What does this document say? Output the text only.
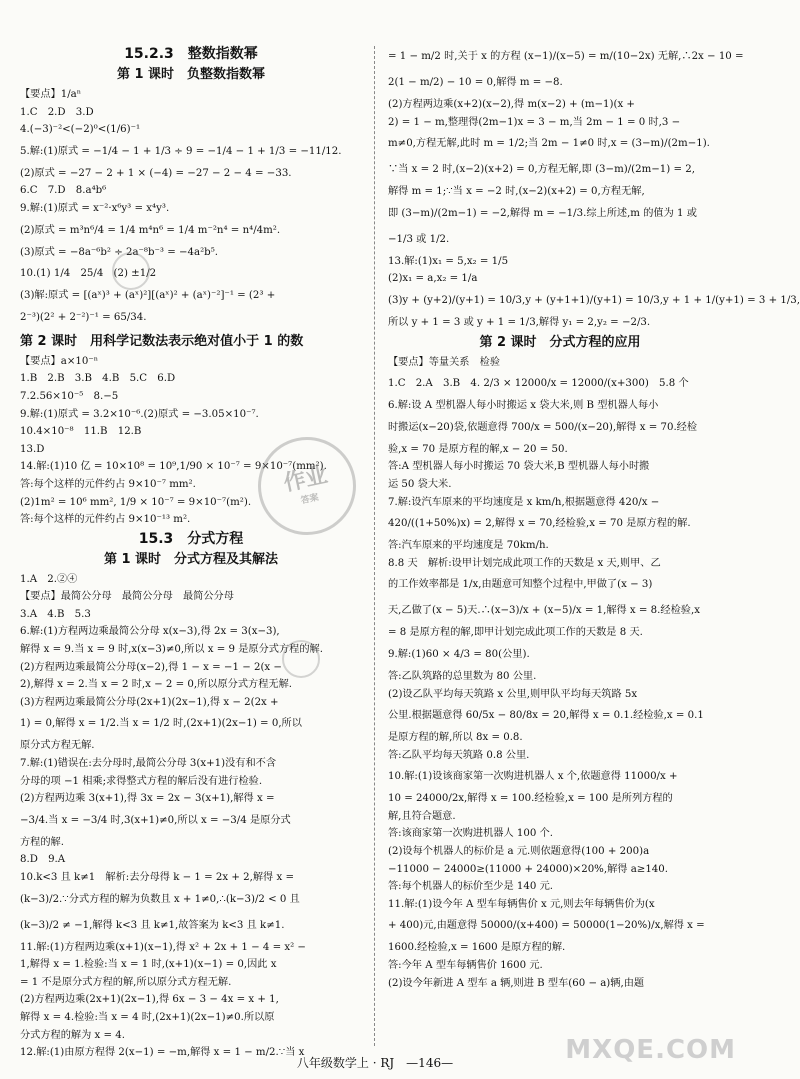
15.2.3　整数指数幂
第 1 课时　负整数指数幂
【要点】1/aⁿ
1.C　2.D　3.D
4.(−3)⁻²<(−2)⁰<(1/6)⁻¹
5.解:(1)原式 = −1/4 − 1 + 1/3 ÷ 9 = −1/4 − 1 + 1/3 = −11/12.
(2)原式 = −27 − 2 + 1 × (−4) = −27 − 2 − 4 = −33.
6.C　7.D　8.a⁴b⁶
9.解:(1)原式 = x⁻²·x⁶y³ = x⁴y³.
(2)原式 = m³n⁶/4 = 1/4 m⁴n⁶ = 1/4 m⁻²n⁴ = n⁴/4m².
(3)原式 = −8a⁻⁶b² ÷ 2a⁻⁸b⁻³ = −4a²b⁵.
10.(1) 1/4　25/4　(2) ±1/2
(3)解:原式 = [(aˣ)³ + (aˣ)²][(aˣ)² + (aˣ)⁻²]⁻¹ = (2³ +
2⁻³)(2² + 2⁻²)⁻¹ = 65/34.
第 2 课时　用科学记数法表示绝对值小于 1 的数
【要点】a×10⁻ⁿ
1.B　2.B　3.B　4.B　5.C　6.D
7.2.56×10⁻⁵　8.−5
9.解:(1)原式 = 3.2×10⁻⁶.(2)原式 = −3.05×10⁻⁷.
10.4×10⁻⁸　11.B　12.B
13.D
14.解:(1)10 亿 = 10×10⁸ = 10⁹,1/90 × 10⁻⁷ = 9×10⁻⁷(mm²).
答:每个这样的元件约占 9×10⁻⁷ mm².
(2)1m² = 10⁶ mm², 1/9 × 10⁻⁷ = 9×10⁻⁷(m²).
答:每个这样的元件约占 9×10⁻¹³ m².
15.3　分式方程
第 1 课时　分式方程及其解法
1.A　2.②④
【要点】最简公分母　最简公分母　最简公分母
3.A　4.B　5.3
6.解:(1)方程两边乘最简公分母 x(x−3),得 2x = 3(x−3),
解得 x = 9.当 x = 9 时,x(x−3)≠0,所以 x = 9 是原分式方程的解.
(2)方程两边乘最简公分母(x−2),得 1 − x = −1 − 2(x −
2),解得 x = 2.当 x = 2 时,x − 2 = 0,所以原分式方程无解.
(3)方程两边乘最简公分母(2x+1)(2x−1),得 x − 2(2x +
1) = 0,解得 x = 1/2.当 x = 1/2 时,(2x+1)(2x−1) = 0,所以
原分式方程无解.
7.解:(1)错误在:去分母时,最简公分母 3(x+1)没有和不含
分母的项 −1 相乘;求得整式方程的解后没有进行检验.
(2)方程两边乘 3(x+1),得 3x = 2x − 3(x+1),解得 x =
−3/4.当 x = −3/4 时,3(x+1)≠0,所以 x = −3/4 是原分式
方程的解.
8.D　9.A
10.k<3 且 k≠1　解析:去分母得 k − 1 = 2x + 2,解得 x =
(k−3)/2.∵分式方程的解为负数且 x + 1≠0,∴(k−3)/2 < 0 且
(k−3)/2 ≠ −1,解得 k<3 且 k≠1,故答案为 k<3 且 k≠1.
11.解:(1)方程两边乘(x+1)(x−1),得 x² + 2x + 1 − 4 = x² −
1,解得 x = 1.检验:当 x = 1 时,(x+1)(x−1) = 0,因此 x
= 1 不是原分式方程的解,所以原分式方程无解.
(2)方程两边乘(2x+1)(2x−1),得 6x − 3 − 4x = x + 1,
解得 x = 4.检验:当 x = 4 时,(2x+1)(2x−1)≠0.所以原
分式方程的解为 x = 4.
12.解:(1)由原方程得 2(x−1) = −m,解得 x = 1 − m/2.∵当 x
= 1 − m/2 时,关于 x 的方程 (x−1)/(x−5) = m/(10−2x) 无解,∴2x − 10 =
2(1 − m/2) − 10 = 0,解得 m = −8.
(2)方程两边乘(x+2)(x−2),得 m(x−2) + (m−1)(x +
2) = 1 − m,整理得(2m−1)x = 3 − m,当 2m − 1 = 0 时,3 −
m≠0,方程无解,此时 m = 1/2;当 2m − 1≠0 时,x = (3−m)/(2m−1).
∵当 x = 2 时,(x−2)(x+2) = 0,方程无解,即 (3−m)/(2m−1) = 2,
解得 m = 1;∵当 x = −2 时,(x−2)(x+2) = 0,方程无解,
即 (3−m)/(2m−1) = −2,解得 m = −1/3.综上所述,m 的值为 1 或
−1/3 或 1/2.
13.解:(1)x₁ = 5,x₂ = 1/5
(2)x₁ = a,x₂ = 1/a
(3)y + (y+2)/(y+1) = 10/3,y + (y+1+1)/(y+1) = 10/3,y + 1 + 1/(y+1) = 3 + 1/3,
所以 y + 1 = 3 或 y + 1 = 1/3,解得 y₁ = 2,y₂ = −2/3.
第 2 课时　分式方程的应用
【要点】等量关系　检验
1.C　2.A　3.B　4. 2/3 × 12000/x = 12000/(x+300)　5.8 个
6.解:设 A 型机器人每小时搬运 x 袋大米,则 B 型机器人每小
时搬运(x−20)袋,依题意得 700/x = 500/(x−20),解得 x = 70.经检
验,x = 70 是原方程的解,x − 20 = 50.
答:A 型机器人每小时搬运 70 袋大米,B 型机器人每小时搬
运 50 袋大米.
7.解:设汽车原来的平均速度是 x km/h,根据题意得 420/x −
420/((1+50%)x) = 2,解得 x = 70,经检验,x = 70 是原方程的解.
答:汽车原来的平均速度是 70km/h.
8.8 天　解析:设甲计划完成此项工作的天数是 x 天,则甲、乙
的工作效率都是 1/x,由题意可知整个过程中,甲做了(x − 3)
天,乙做了(x − 5)天.∴(x−3)/x + (x−5)/x = 1,解得 x = 8.经检验,x
= 8 是原方程的解,即甲计划完成此项工作的天数是 8 天.
9.解:(1)60 × 4/3 = 80(公里).
答:乙队筑路的总里数为 80 公里.
(2)设乙队平均每天筑路 x 公里,则甲队平均每天筑路 5x
公里.根据题意得 60/5x − 80/8x = 20,解得 x = 0.1.经检验,x = 0.1
是原方程的解,所以 8x = 0.8.
答:乙队平均每天筑路 0.8 公里.
10.解:(1)设该商家第一次购进机器人 x 个,依题意得 11000/x +
10 = 24000/2x,解得 x = 100.经检验,x = 100 是所列方程的
解,且符合题意.
答:该商家第一次购进机器人 100 个.
(2)设每个机器人的标价是 a 元.则依题意得(100 + 200)a
−11000 − 24000≥(11000 + 24000)×20%,解得 a≥140.
答:每个机器人的标价至少是 140 元.
11.解:(1)设今年 A 型车每辆售价 x 元,则去年每辆售价为(x
+ 400)元,由题意得 50000/(x+400) = 50000(1−20%)/x,解得 x =
1600.经检验,x = 1600 是原方程的解.
答:今年 A 型车每辆售价 1600 元.
(2)设今年新进 A 型车 a 辆,则进 B 型车(60 − a)辆,由题
作业
答案
八年级数学上 · RJ　—146—	MXQE.COM
